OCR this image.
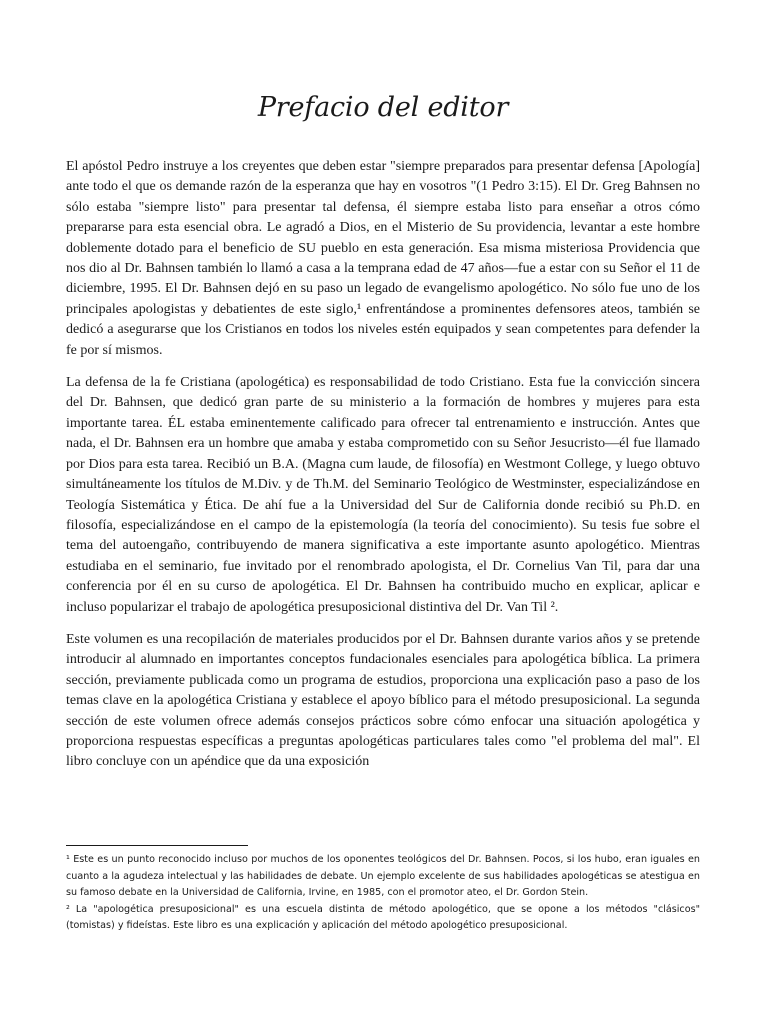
Prefacio del editor

El apóstol Pedro instruye a los creyentes que deben estar "siempre preparados para presentar defensa [Apología] ante todo el que os demande razón de la esperanza que hay en vosotros "(1 Pedro 3:15). El Dr. Greg Bahnsen no sólo estaba "siempre listo" para presentar tal defensa, él siempre estaba listo para enseñar a otros cómo prepararse para esta esencial obra. Le agradó a Dios, en el Misterio de Su providencia, levantar a este hombre doblemente dotado para el beneficio de SU pueblo en esta generación. Esa misma misteriosa Providencia que nos dio al Dr. Bahnsen también lo llamó a casa a la temprana edad de 47 años—fue a estar con su Señor el 11 de diciembre, 1995. El Dr. Bahnsen dejó en su paso un legado de evangelismo apologético. No sólo fue uno de los principales apologistas y debatientes de este siglo,¹ enfrentándose a prominentes defensores ateos, también se dedicó a asegurarse que los Cristianos en todos los niveles estén equipados y sean competentes para defender la fe por sí mismos.

La defensa de la fe Cristiana (apologética) es responsabilidad de todo Cristiano. Esta fue la convicción sincera del Dr. Bahnsen, que dedicó gran parte de su ministerio a la formación de hombres y mujeres para esta importante tarea. ÉL estaba eminentemente calificado para ofrecer tal entrenamiento e instrucción. Antes que nada, el Dr. Bahnsen era un hombre que amaba y estaba comprometido con su Señor Jesucristo—él fue llamado por Dios para esta tarea. Recibió un B.A. (Magna cum laude, de filosofía) en Westmont College, y luego obtuvo simultáneamente los títulos de M.Div. y de Th.M. del Seminario Teológico de Westminster, especializándose en Teología Sistemática y Ética. De ahí fue a la Universidad del Sur de California donde recibió su Ph.D. en filosofía, especializándose en el campo de la epistemología (la teoría del conocimiento). Su tesis fue sobre el tema del autoengaño, contribuyendo de manera significativa a este importante asunto apologético. Mientras estudiaba en el seminario, fue invitado por el renombrado apologista, el Dr. Cornelius Van Til, para dar una conferencia por él en su curso de apologética. El Dr. Bahnsen ha contribuido mucho en explicar, aplicar e incluso popularizar el trabajo de apologética presuposicional distintiva del Dr. Van Til ².

Este volumen es una recopilación de materiales producidos por el Dr. Bahnsen durante varios años y se pretende introducir al alumnado en importantes conceptos fundacionales esenciales para apologética bíblica. La primera sección, previamente publicada como un programa de estudios, proporciona una explicación paso a paso de los temas clave en la apologética Cristiana y establece el apoyo bíblico para el método presuposicional. La segunda sección de este volumen ofrece además consejos prácticos sobre cómo enfocar una situación apologética y proporciona respuestas específicas a preguntas apologéticas particulares tales como "el problema del mal". El libro concluye con un apéndice que da una exposición

¹ Este es un punto reconocido incluso por muchos de los oponentes teológicos del Dr. Bahnsen. Pocos, si los hubo, eran iguales en cuanto a la agudeza intelectual y las habilidades de debate. Un ejemplo excelente de sus habilidades apologéticas se atestigua en su famoso debate en la Universidad de California, Irvine, en 1985, con el promotor ateo, el Dr. Gordon Stein.

² La "apologética presuposicional" es una escuela distinta de método apologético, que se opone a los métodos "clásicos" (tomistas) y fideístas. Este libro es una explicación y aplicación del método apologético presuposicional.
